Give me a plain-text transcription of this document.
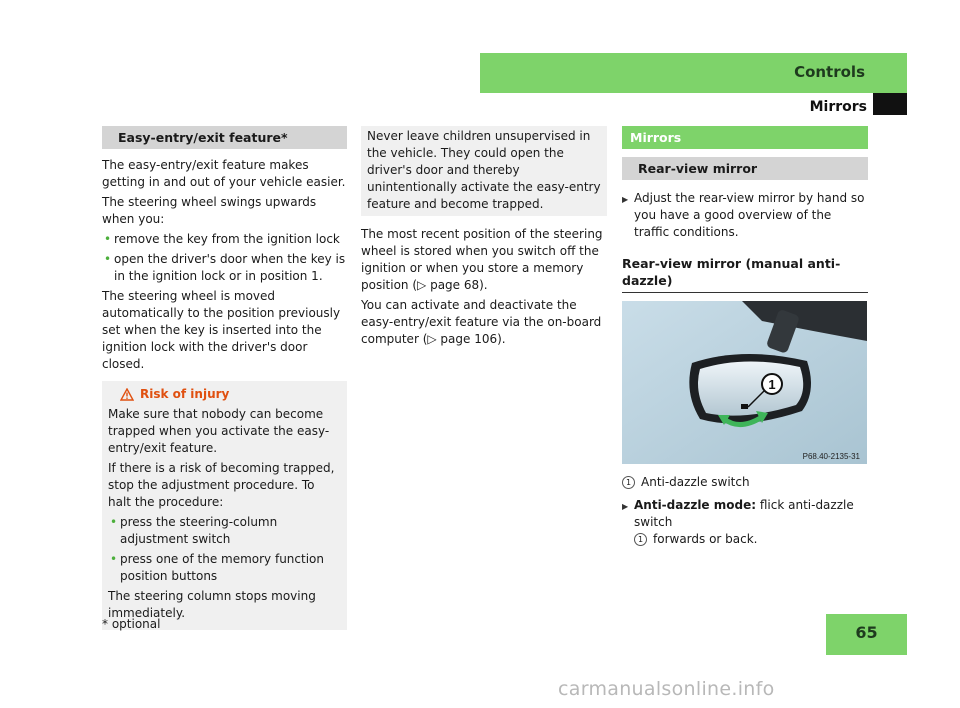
Controls
Mirrors
Easy-entry/exit feature*

The easy-entry/exit feature makes getting in and out of your vehicle easier.

The steering wheel swings upwards when you:

• remove the key from the ignition lock
• open the driver's door when the key is in the ignition lock or in position 1.

The steering wheel is moved automatically to the position previously set when the key is inserted into the ignition lock with the driver's door closed.

Risk of injury

Make sure that nobody can become trapped when you activate the easy-entry/exit feature.

If there is a risk of becoming trapped, stop the adjustment procedure. To halt the procedure:

• press the steering-column adjustment switch
• press one of the memory function position buttons

The steering column stops moving immediately.

Never leave children unsupervised in the vehicle. They could open the driver's door and thereby unintentionally activate the easy-entry feature and become trapped.

The most recent position of the steering wheel is stored when you switch off the ignition or when you store a memory position (▷ page 68).

You can activate and deactivate the easy-entry/exit feature via the on-board computer (▷ page 106).

Mirrors
Rear-view mirror
▶ Adjust the rear-view mirror by hand so you have a good overview of the traffic conditions.
Rear-view mirror (manual anti-dazzle)
1
P68.40-2135-31
1 Anti-dazzle switch
▶ Anti-dazzle mode: flick anti-dazzle switch
1 forwards or back.
* optional	65
carmanualsonline.info
